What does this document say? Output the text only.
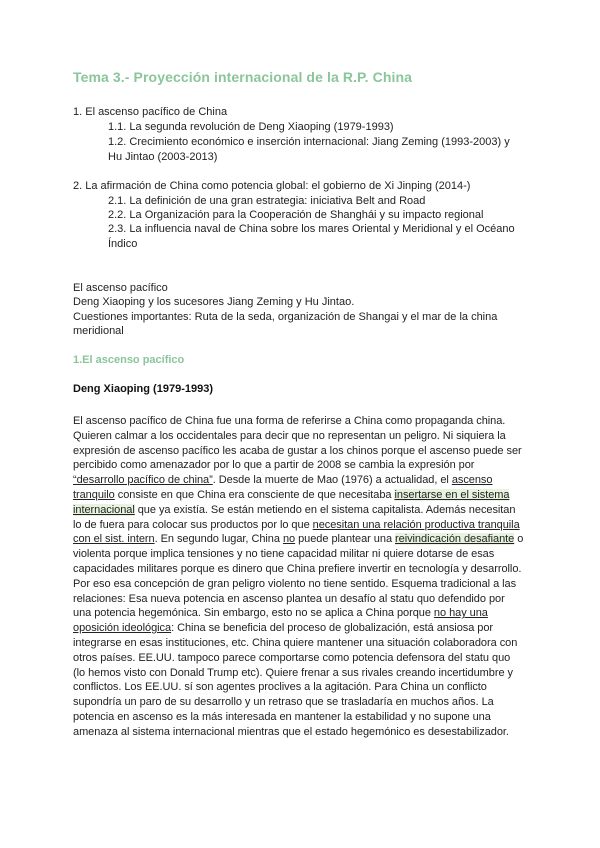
Tema 3.- Proyección internacional de la R.P. China
1. El ascenso pacífico de China
1.1. La segunda revolución de Deng Xiaoping (1979-1993)
1.2. Crecimiento económico e inserción internacional: Jiang Zeming (1993-2003) y
Hu Jintao (2003-2013)
2. La afirmación de China como potencia global: el gobierno de Xi Jinping (2014-)
2.1. La definición de una gran estrategia: iniciativa Belt and Road
2.2. La Organización para la Cooperación de Shanghái y su impacto regional
2.3. La influencia naval de China sobre los mares Oriental y Meridional y el Océano
Índico
El ascenso pacífico
Deng Xiaoping y los sucesores Jiang Zeming y Hu Jintao.
Cuestiones importantes: Ruta de la seda, organización de Shangai y el mar de la china
meridional
1.El ascenso pacífico
Deng Xiaoping (1979-1993)
El ascenso pacífico de China fue una forma de referirse a China como propaganda china. Quieren calmar a los occidentales para decir que no representan un peligro. Ni siquiera la expresión de ascenso pacífico les acaba de gustar a los chinos porque el ascenso puede ser percibido como amenazador por lo que a partir de 2008 se cambia la expresión por “desarrollo pacífico de china”. Desde la muerte de Mao (1976) a actualidad, el ascenso tranquilo consiste en que China era consciente de que necesitaba insertarse en el sistema internacional que ya existía. Se están metiendo en el sistema capitalista. Además necesitan lo de fuera para colocar sus productos por lo que necesitan una relación productiva tranquila con el sist. intern. En segundo lugar, China no puede plantear una reivindicación desafiante o violenta porque implica tensiones y no tiene capacidad militar ni quiere dotarse de esas capacidades militares porque es dinero que China prefiere invertir en tecnología y desarrollo. Por eso esa concepción de gran peligro violento no tiene sentido. Esquema tradicional a las relaciones: Esa nueva potencia en ascenso plantea un desafío al statu quo defendido por una potencia hegemónica. Sin embargo, esto no se aplica a China porque no hay una oposición ideológica: China se beneficia del proceso de globalización, está ansiosa por integrarse en esas instituciones, etc. China quiere mantener una situación colaboradora con otros países. EE.UU. tampoco parece comportarse como potencia defensora del statu quo (lo hemos visto con Donald Trump etc). Quiere frenar a sus rivales creando incertidumbre y conflictos. Los EE.UU. sí son agentes proclives a la agitación. Para China un conflicto supondría un paro de su desarrollo y un retraso que se trasladaría en muchos años. La potencia en ascenso es la más interesada en mantener la estabilidad y no supone una amenaza al sistema internacional mientras que el estado hegemónico es desestabilizador.
